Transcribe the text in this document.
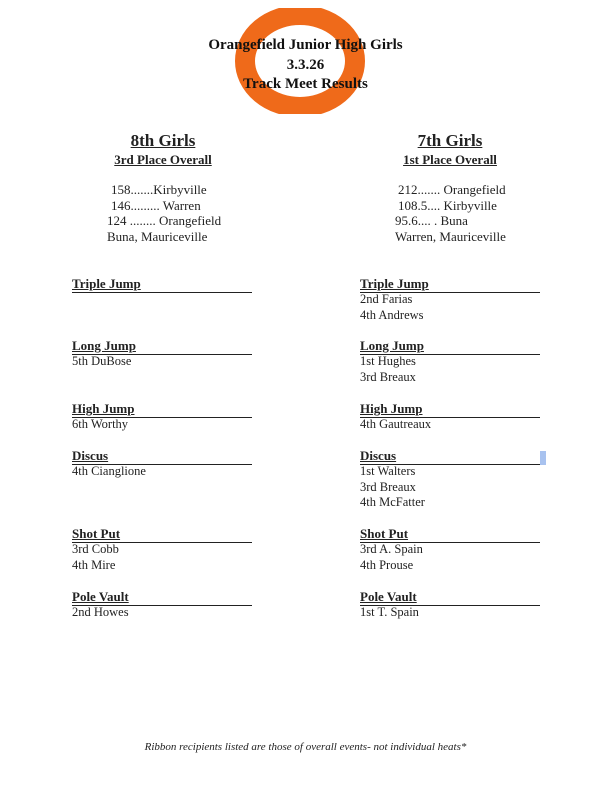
Orangefield Junior High Girls
3.3.26
Track Meet Results
8th Girls
3rd Place Overall
7th Girls
1st Place Overall
158.......Kirbyville
146......... Warren
124 ........ Orangefield
Buna, Mauriceville
212....... Orangefield
108.5.... Kirbyville
95.6.... . Buna
Warren, Mauriceville
Triple Jump	Triple Jump
2nd Farias
4th Andrews
Long Jump
5th DuBose
Long Jump
1st Hughes
3rd Breaux
High Jump
6th Worthy
High Jump
4th Gautreaux
Discus
4th Cianglione
Discus
1st Walters
3rd Breaux
4th McFatter
Shot Put
3rd Cobb
4th Mire
Shot Put
3rd A. Spain
4th Prouse
Pole Vault
2nd Howes
Pole Vault
1st T. Spain
Ribbon recipients listed are those of overall events- not individual heats*
